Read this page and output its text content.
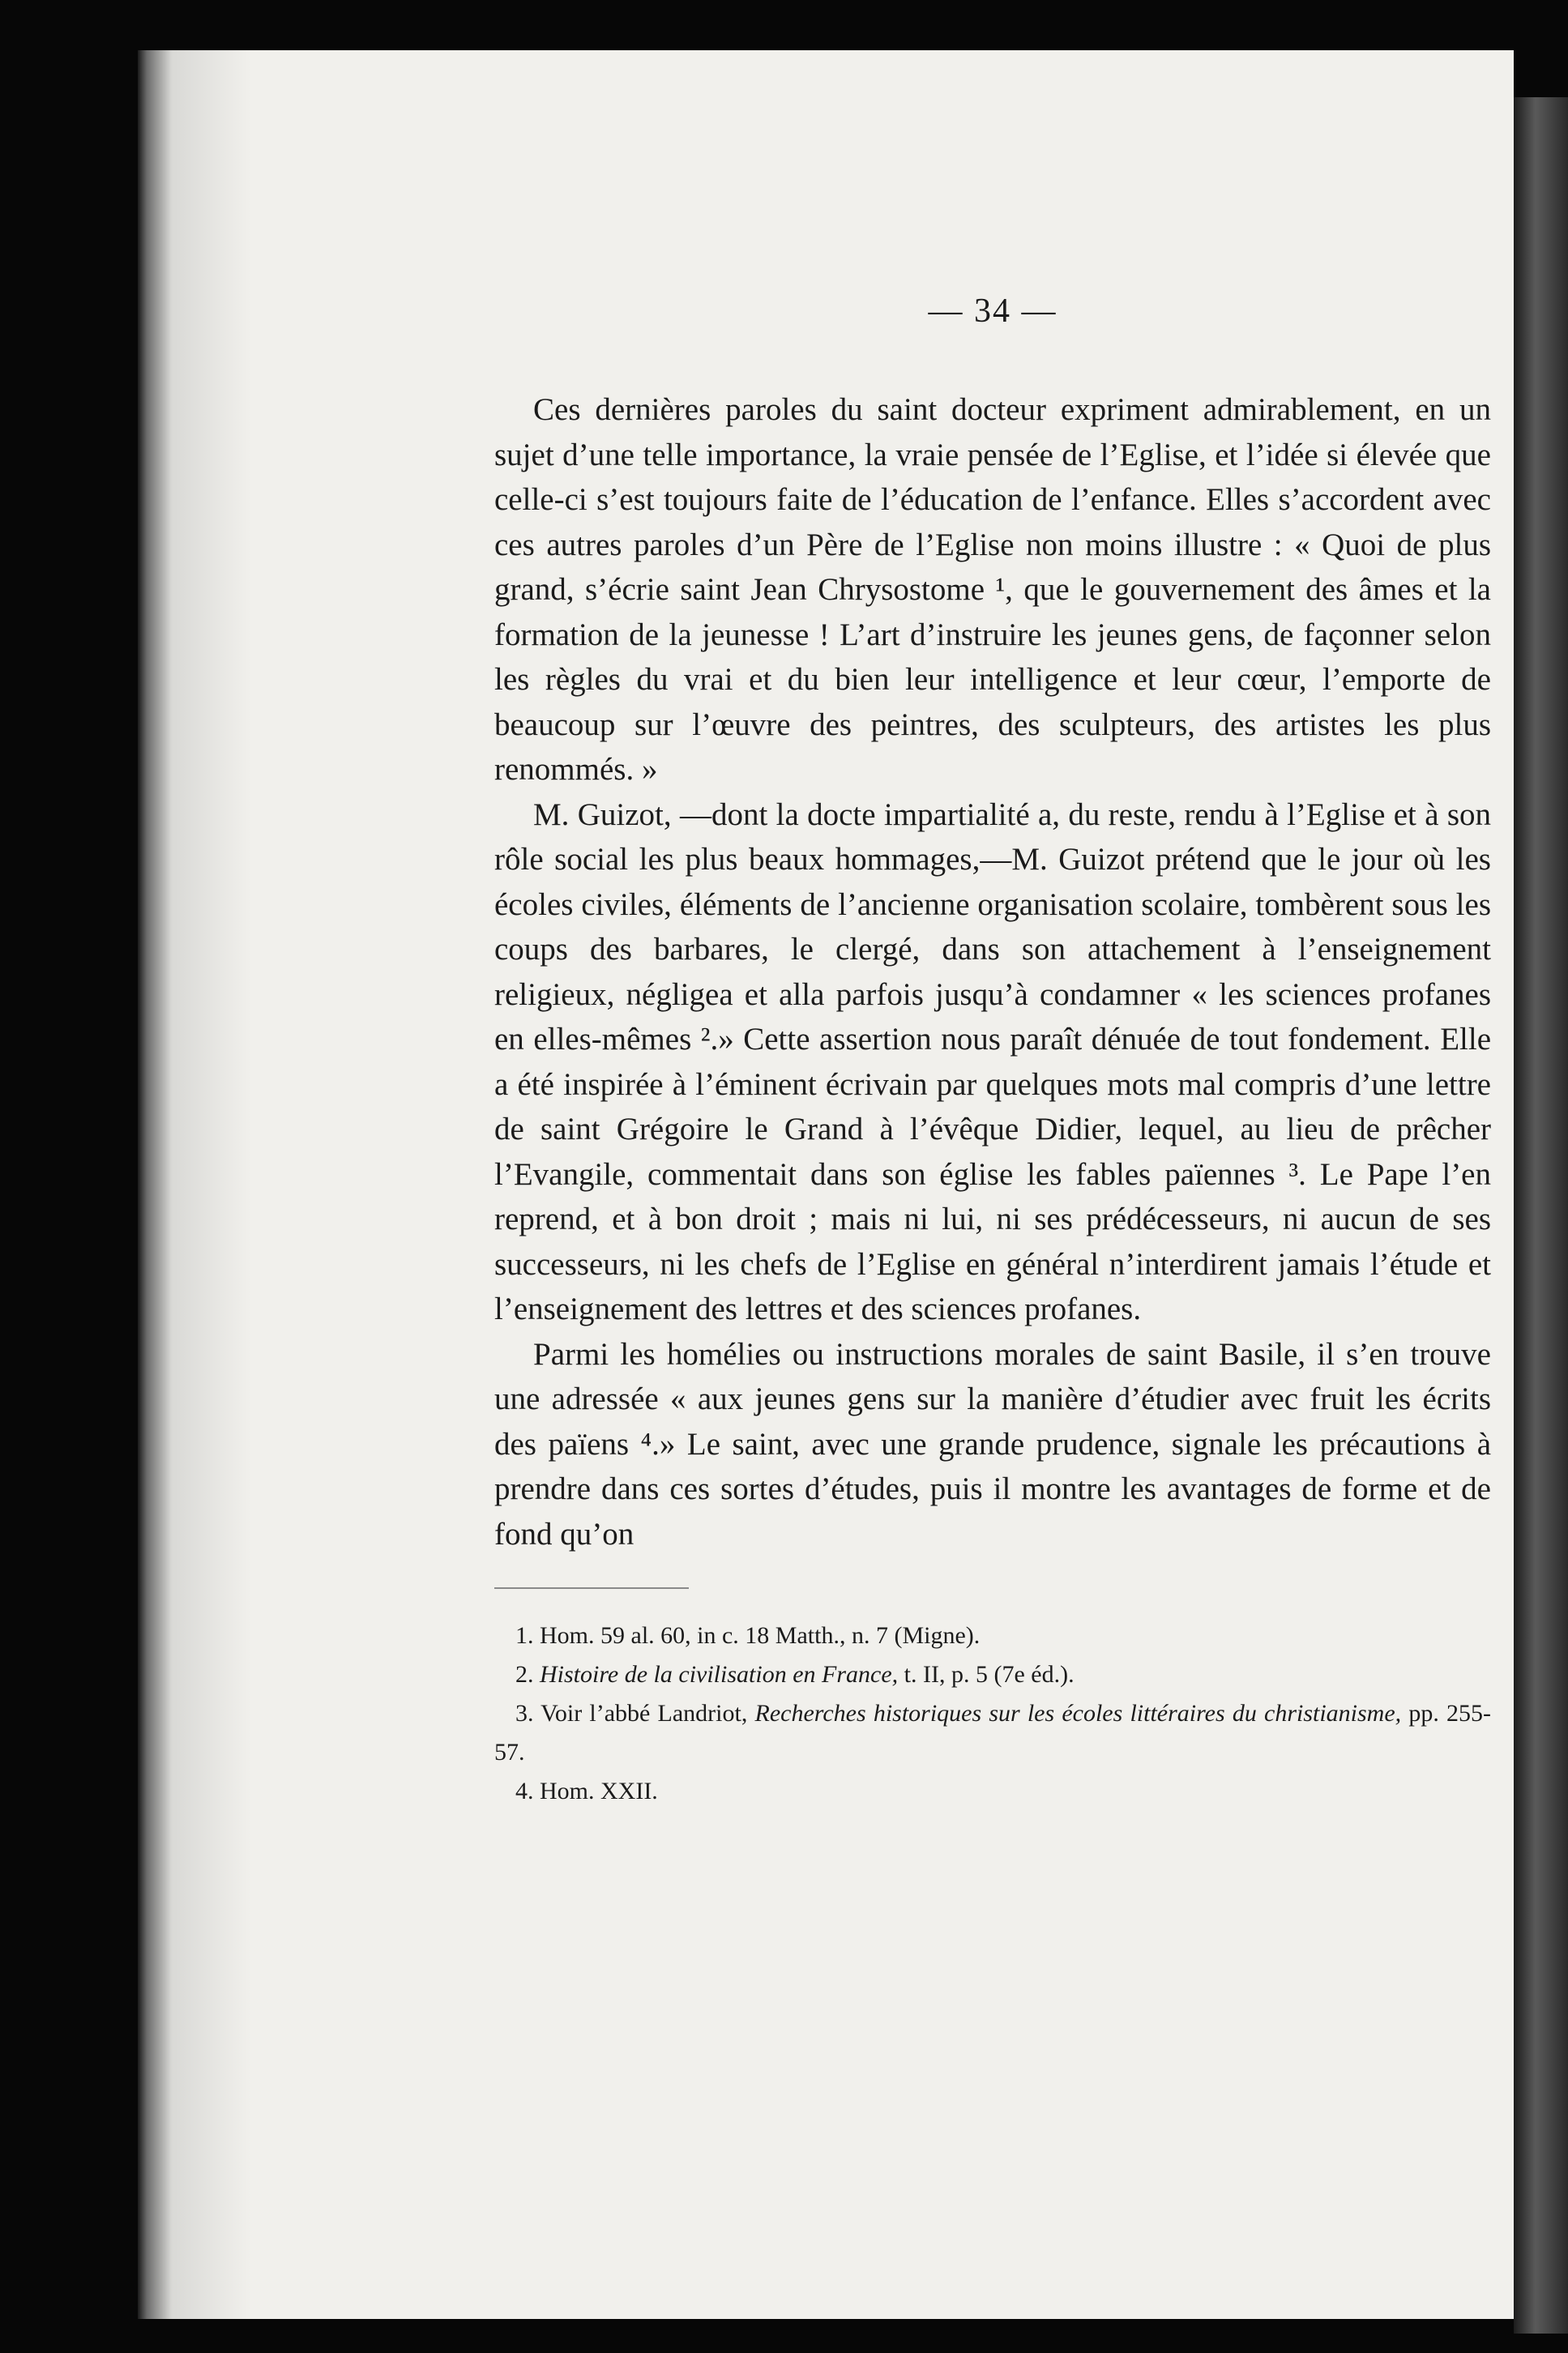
— 34 —

Ces dernières paroles du saint docteur expriment admirablement, en un sujet d’une telle importance, la vraie pensée de l’Eglise, et l’idée si élevée que celle-ci s’est toujours faite de l’éducation de l’enfance. Elles s’accordent avec ces autres paroles d’un Père de l’Eglise non moins illustre : « Quoi de plus grand, s’écrie saint Jean Chrysostome ¹, que le gouvernement des âmes et la formation de la jeunesse ! L’art d’instruire les jeunes gens, de façonner selon les règles du vrai et du bien leur intelligence et leur cœur, l’emporte de beaucoup sur l’œuvre des peintres, des sculpteurs, des artistes les plus renommés. »

M. Guizot, —dont la docte impartialité a, du reste, rendu à l’Eglise et à son rôle social les plus beaux hommages,—M. Guizot prétend que le jour où les écoles civiles, éléments de l’ancienne organisation scolaire, tombèrent sous les coups des barbares, le clergé, dans son attachement à l’enseignement religieux, négligea et alla parfois jusqu’à condamner « les sciences profanes en elles-mêmes ².» Cette assertion nous paraît dénuée de tout fondement. Elle a été inspirée à l’éminent écrivain par quelques mots mal compris d’une lettre de saint Grégoire le Grand à l’évêque Didier, lequel, au lieu de prêcher l’Evangile, commentait dans son église les fables païennes ³. Le Pape l’en reprend, et à bon droit ; mais ni lui, ni ses prédécesseurs, ni aucun de ses successeurs, ni les chefs de l’Eglise en général n’interdirent jamais l’étude et l’enseignement des lettres et des sciences profanes.

Parmi les homélies ou instructions morales de saint Basile, il s’en trouve une adressée « aux jeunes gens sur la manière d’étudier avec fruit les écrits des païens ⁴.» Le saint, avec une grande prudence, signale les précautions à prendre dans ces sortes d’études, puis il montre les avantages de forme et de fond qu’on

1. Hom. 59 al. 60, in c. 18 Matth., n. 7 (Migne).

2. Histoire de la civilisation en France, t. II, p. 5 (7e éd.).

3. Voir l’abbé Landriot, Recherches historiques sur les écoles littéraires du christianisme, pp. 255-57.

4. Hom. XXII.
